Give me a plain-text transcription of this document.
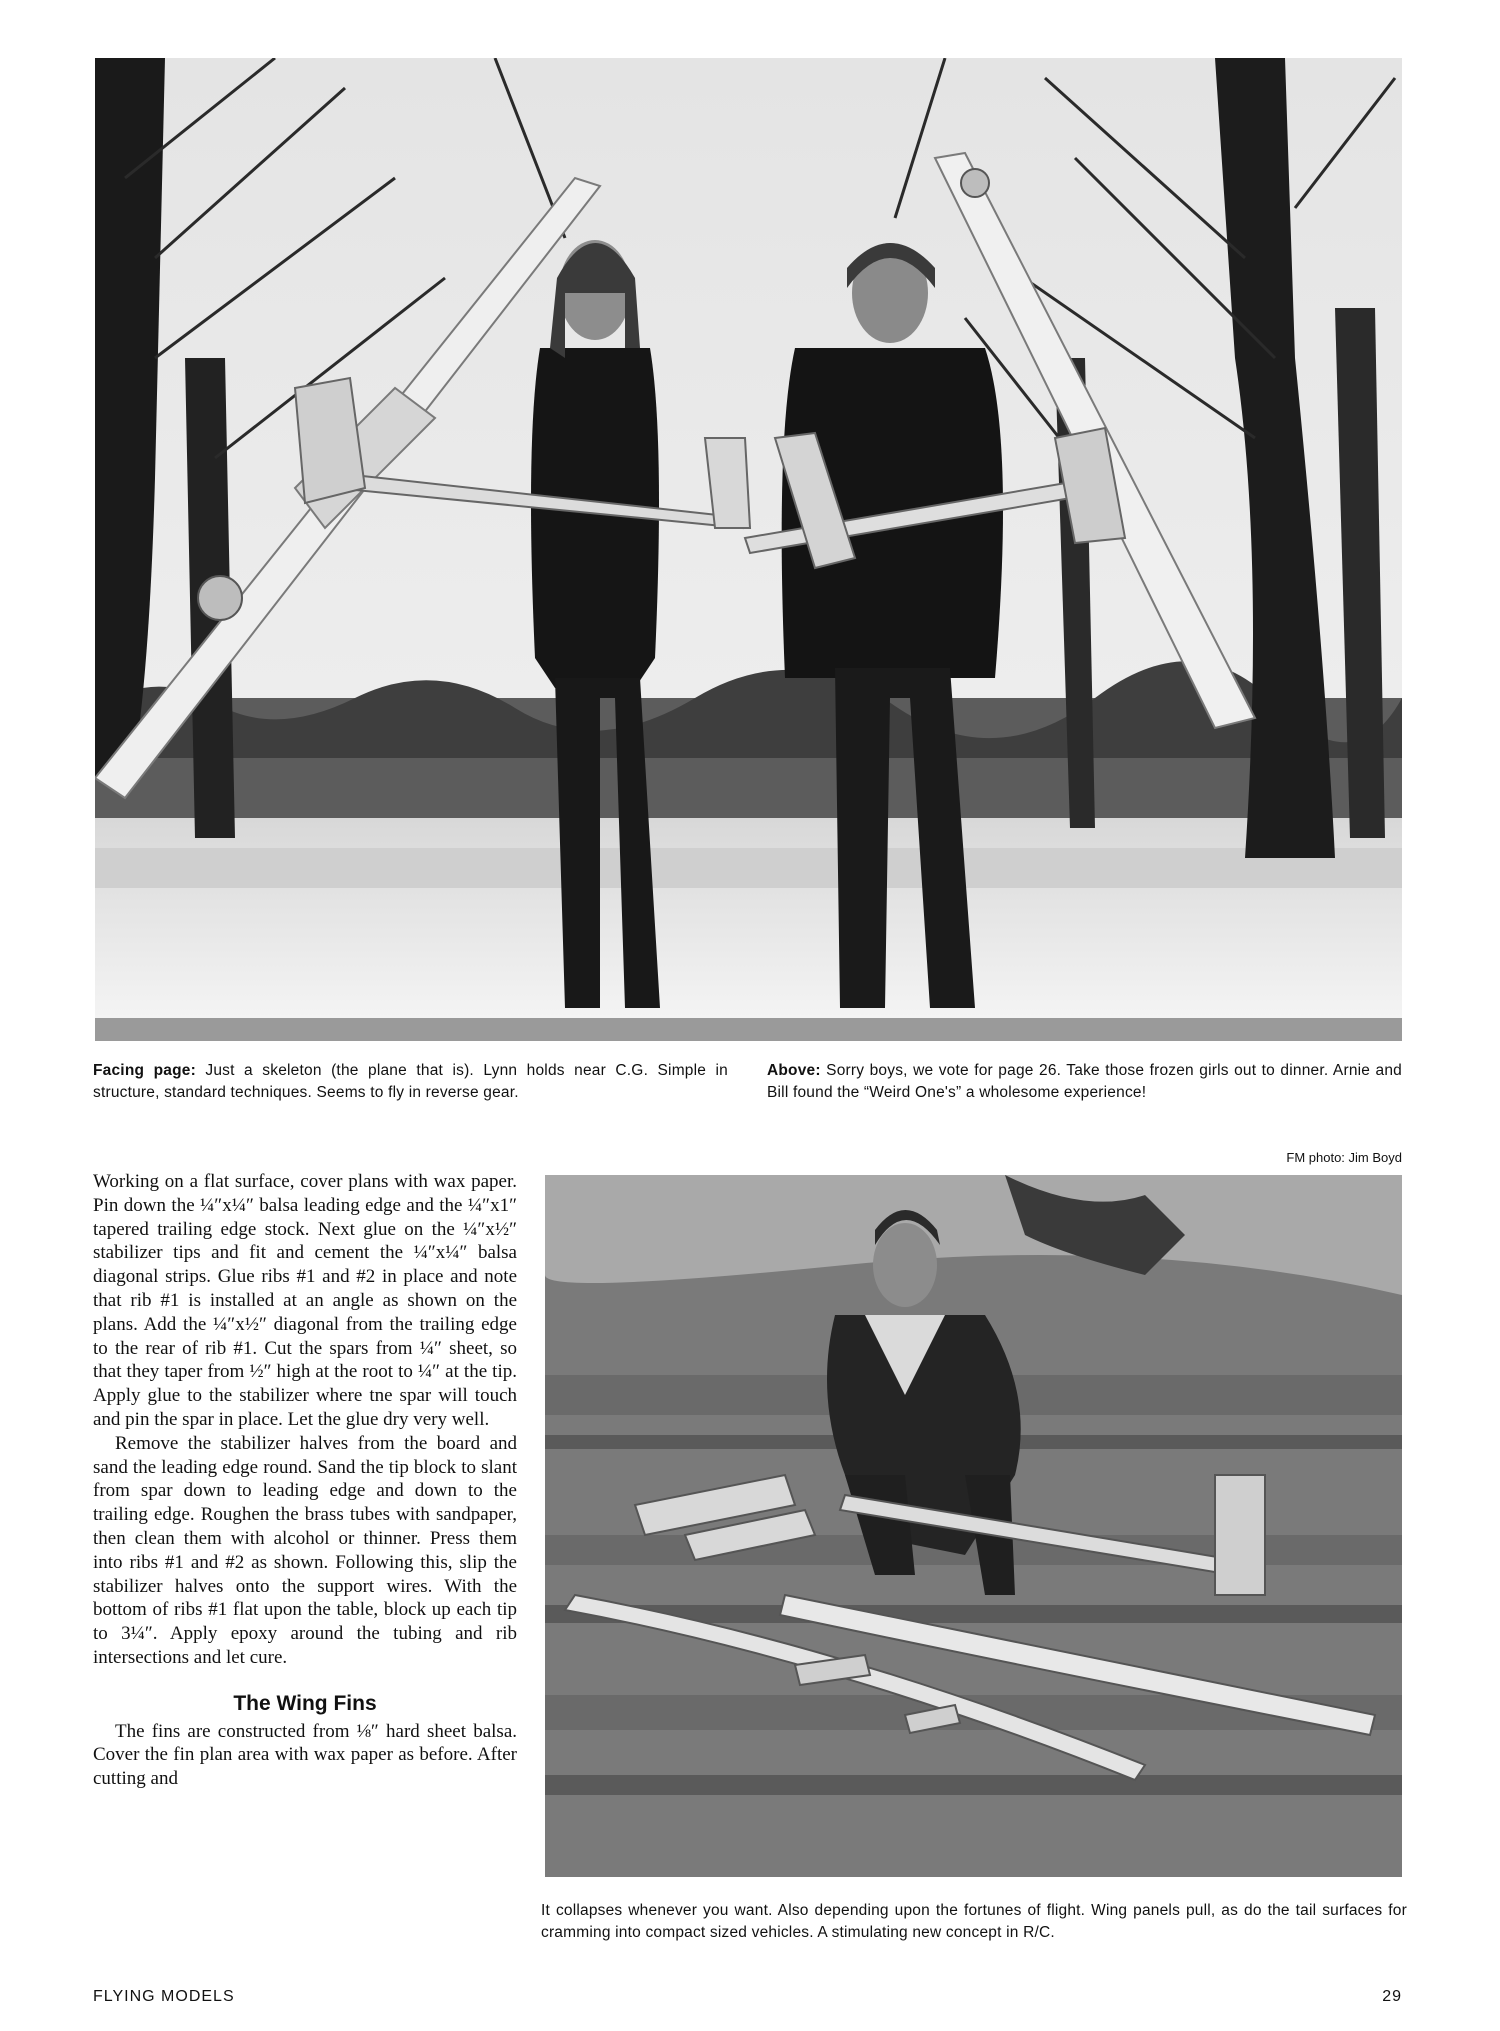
Facing page: Just a skeleton (the plane that is). Lynn holds near C.G. Simple in structure, standard techniques. Seems to fly in reverse gear.
Above: Sorry boys, we vote for page 26. Take those frozen girls out to dinner. Arnie and Bill found the “Weird One's” a wholesome experience!
FM photo: Jim Boyd

Working on a flat surface, cover plans with wax paper. Pin down the ¼″x¼″ balsa leading edge and the ¼″x1″ tapered trailing edge stock. Next glue on the ¼″x½″ stabilizer tips and fit and cement the ¼″x¼″ balsa diagonal strips. Glue ribs #1 and #2 in place and note that rib #1 is installed at an angle as shown on the plans. Add the ¼″x½″ diagonal from the trailing edge to the rear of rib #1. Cut the spars from ¼″ sheet, so that they taper from ½″ high at the root to ¼″ at the tip. Apply glue to the stabilizer where tne spar will touch and pin the spar in place. Let the glue dry very well.

Remove the stabilizer halves from the board and sand the leading edge round. Sand the tip block to slant from spar down to leading edge and down to the trailing edge. Roughen the brass tubes with sandpaper, then clean them with alcohol or thinner. Press them into ribs #1 and #2 as shown. Following this, slip the stabilizer halves onto the support wires. With the bottom of ribs #1 flat upon the table, block up each tip to 3¼″. Apply epoxy around the tubing and rib intersections and let cure.

The Wing Fins

The fins are constructed from ⅛″ hard sheet balsa. Cover the fin plan area with wax paper as before. After cutting and

It collapses whenever you want. Also depending upon the fortunes of flight. Wing panels pull, as do the tail surfaces for cramming into compact sized vehicles. A stimulating new concept in R/C.
FLYING MODELS	29
